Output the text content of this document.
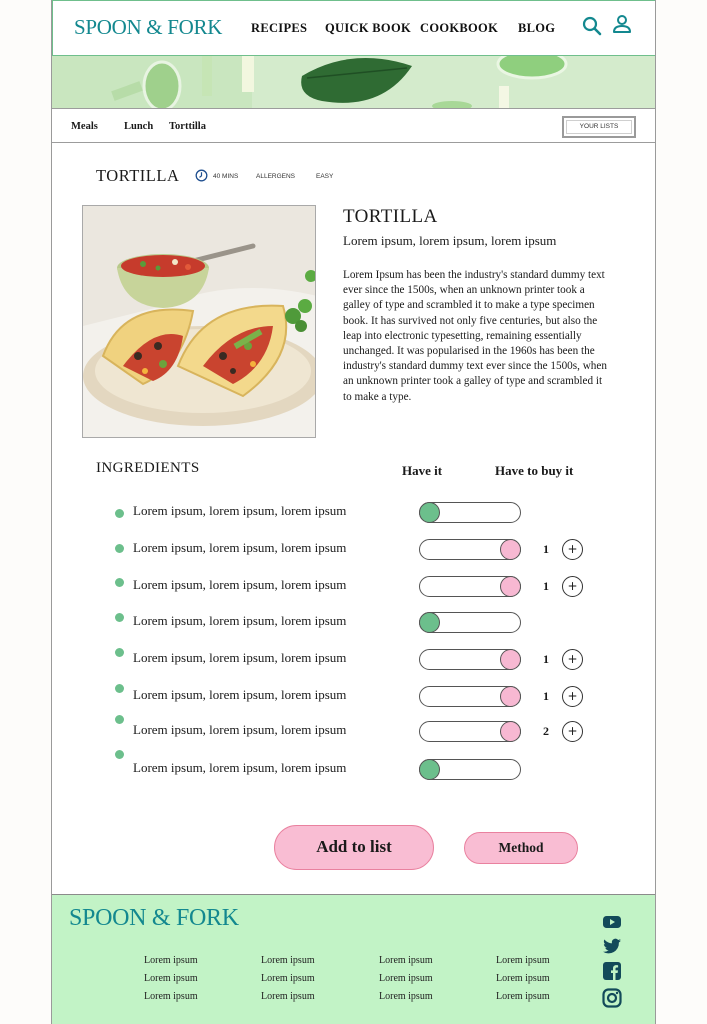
SPOON & FORK RECIPES QUICK BOOK COOKBOOK BLOG
Meals Lunch Torttilla	YOUR LISTS
TORTILLA	40 MINS	ALLERGENS	EASY
TORTILLA
Lorem ipsum, lorem ipsum, lorem ipsum
Lorem Ipsum has been the industry's standard dummy text ever since the 1500s, when an unknown printer took a galley of type and scrambled it to make a type specimen book. It has survived not only five centuries, but also the leap into electronic typesetting, remaining essentially unchanged. It was popularised in the 1960s has been the industry's standard dummy text ever since the 1500s, when an unknown printer took a galley of type and scrambled it to make a type.
INGREDIENTS	Have it	Have to buy it
Lorem ipsum, lorem ipsum, lorem ipsum
Lorem ipsum, lorem ipsum, lorem ipsum	1	+
Lorem ipsum, lorem ipsum, lorem ipsum	1	+
Lorem ipsum, lorem ipsum, lorem ipsum
Lorem ipsum, lorem ipsum, lorem ipsum	1	+
Lorem ipsum, lorem ipsum, lorem ipsum	1	+
Lorem ipsum, lorem ipsum, lorem ipsum	2	+
Lorem ipsum, lorem ipsum, lorem ipsum
Add to list	Method
SPOON & FORK
Lorem ipsum
Lorem ipsum
Lorem ipsum
Lorem ipsum
Lorem ipsum
Lorem ipsum
Lorem ipsum
Lorem ipsum
Lorem ipsum
Lorem ipsum
Lorem ipsum
Lorem ipsum
